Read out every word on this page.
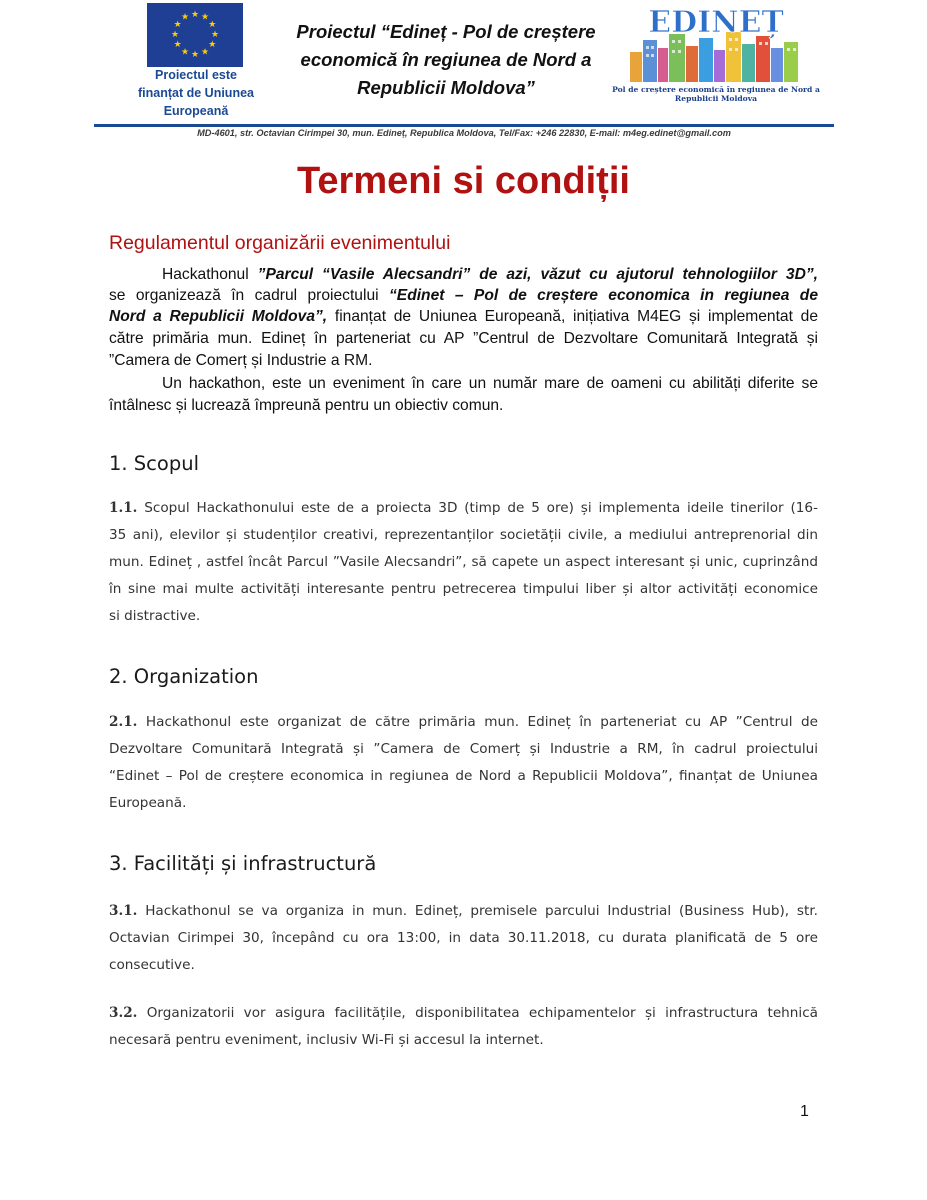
★ ★
★
★
★
★
★
★
★
★
★
★
Proiectul este
finanțat de Uniunea
Europeană
Proiectul “Edineț - Pol de creștere
economică în regiunea de Nord a
Republicii Moldova”
EDINEȚ
Pol de creștere economică în regiunea de Nord a
Republicii Moldova
MD-4601, str. Octavian Cirimpei 30, mun. Edineț, Republica Moldova, Tel/Fax: +246 22830, E-mail: m4eg.edinet@gmail.com
Termeni si condiții
Regulamentul organizării evenimentului
Hackathonul ”Parcul “Vasile Alecsandri” de azi, văzut cu ajutorul tehnologiilor 3D”,
se organizează în cadrul proiectului “Edinet – Pol de creștere economica in regiunea de
Nord a Republicii Moldova”, finanțat de Uniunea Europeană, inițiativa M4EG și implementat de
către primăria mun. Edineț în parteneriat cu AP ”Centrul de Dezvoltare Comunitară Integrată și
”Camera de Comerț și Industrie a RM.
Un hackathon, este un eveniment în care un număr mare de oameni cu abilități diferite se
întâlnesc și lucrează împreună pentru un obiectiv comun.
1. Scopul
1.1. Scopul Hackathonului este de a proiecta 3D (timp de 5 ore) și implementa ideile tinerilor (16-
35 ani), elevilor și studenților creativi, reprezentanților societății civile, a mediului antreprenorial din
mun. Edineț , astfel încât Parcul ”Vasile Alecsandri”, să capete un aspect interesant și unic, cuprinzând
în sine mai multe activități interesante pentru petrecerea timpului liber și altor activități economice
si distractive.
2. Organization
2.1. Hackathonul este organizat de către primăria mun. Edineț în parteneriat cu AP ”Centrul de
Dezvoltare Comunitară Integrată și ”Camera de Comerț și Industrie a RM, în cadrul proiectului
“Edinet – Pol de creștere economica in regiunea de Nord a Republicii Moldova”, finanțat de Uniunea
Europeană.
3. Facilități și infrastructură
3.1. Hackathonul se va organiza in mun. Edineț, premisele parcului Industrial (Business Hub), str.
Octavian Cirimpei 30, începând cu ora 13:00, in data 30.11.2018, cu durata planificată de 5 ore
consecutive.
3.2. Organizatorii vor asigura facilitățile, disponibilitatea echipamentelor și infrastructura tehnică
necesară pentru eveniment, inclusiv Wi-Fi și accesul la internet.
1
